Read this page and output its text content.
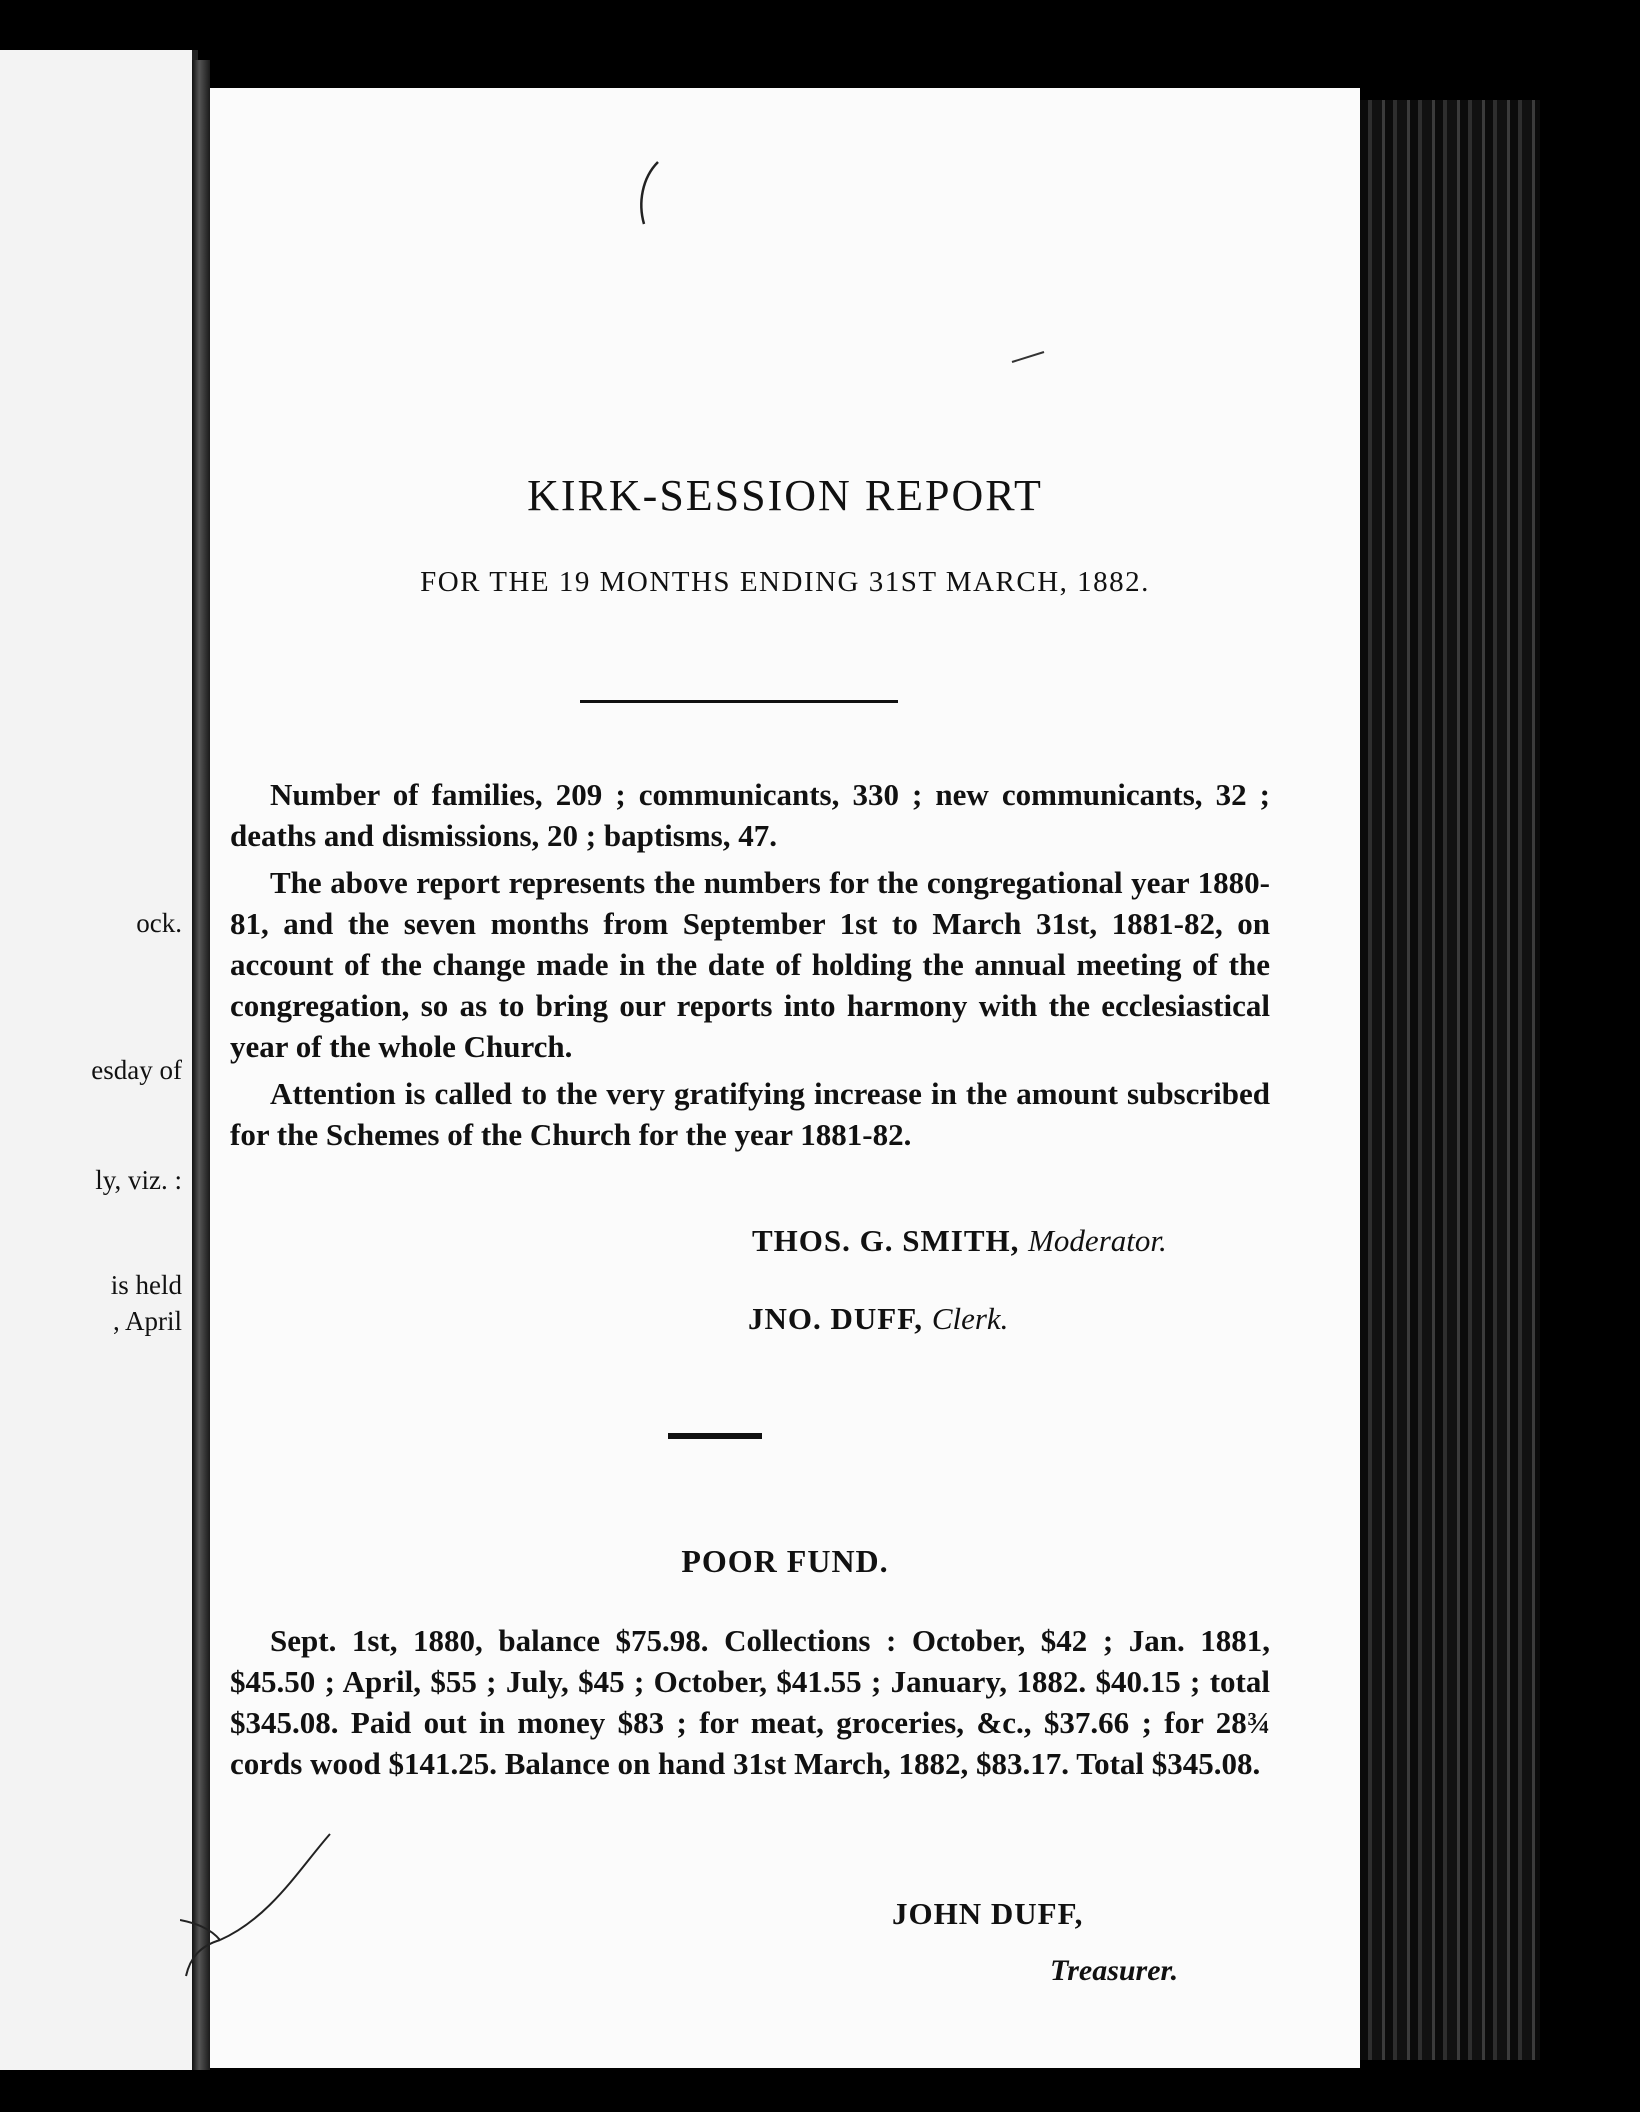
ock.
esday of
ly, viz. :
is held
, April
KIRK-SESSION REPORT
FOR THE 19 MONTHS ENDING 31ST MARCH, 1882.

Number of families, 209 ; communicants, 330 ; new communicants, 32 ; deaths and dismissions, 20 ; baptisms, 47.

The above report represents the numbers for the congregational year 1880-81, and the seven months from September 1st to March 31st, 1881-82, on account of the change made in the date of holding the annual meeting of the congregation, so as to bring our reports into harmony with the ecclesiastical year of the whole Church.

Attention is called to the very gratifying increase in the amount subscribed for the Schemes of the Church for the year 1881-82.

THOS. G. SMITH, Moderator.
JNO. DUFF, Clerk.
POOR FUND.

Sept. 1st, 1880, balance $75.98. Collections : October, $42 ; Jan. 1881, $45.50 ; April, $55 ; July, $45 ; October, $41.55 ; January, 1882. $40.15 ; total $345.08. Paid out in money $83 ; for meat, groceries, &c., $37.66 ; for 28¾ cords wood $141.25. Balance on hand 31st March, 1882, $83.17. Total $345.08.

JOHN DUFF,
Treasurer.
